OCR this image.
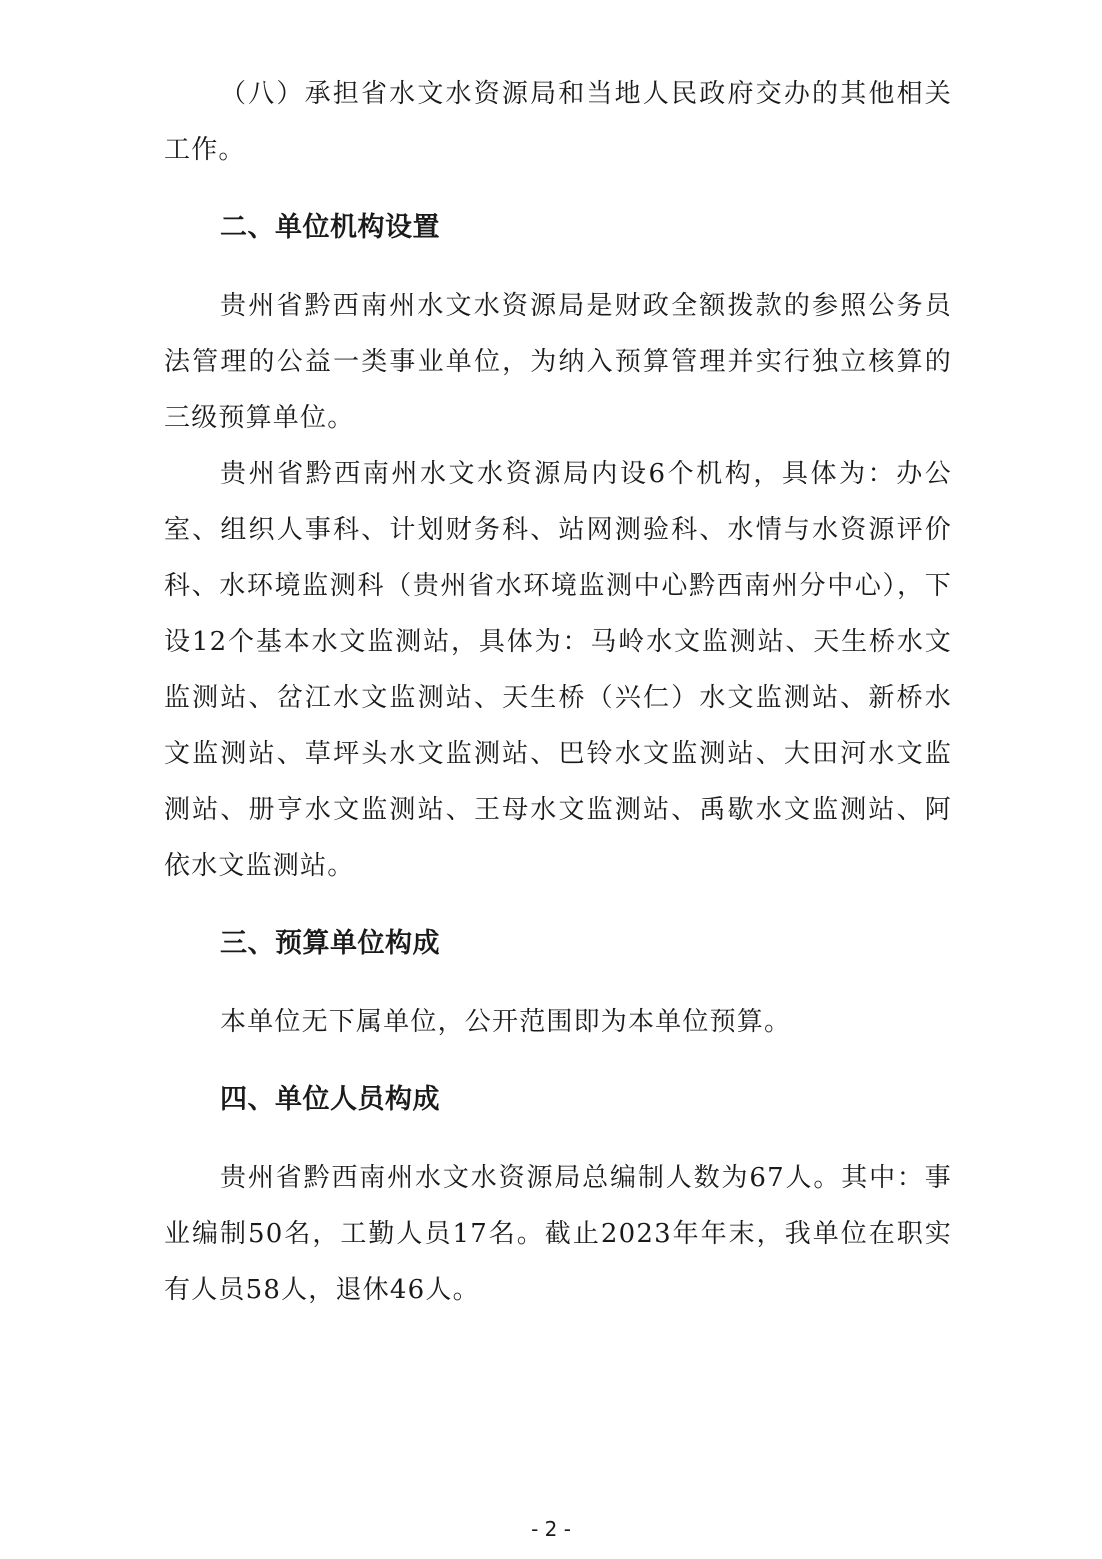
（八）承担省水文水资源局和当地人民政府交办的其他相关工作。

二、单位机构设置

贵州省黔西南州水文水资源局是财政全额拨款的参照公务员法管理的公益一类事业单位，为纳入预算管理并实行独立核算的三级预算单位。

贵州省黔西南州水文水资源局内设6个机构，具体为：办公室、组织人事科、计划财务科、站网测验科、水情与水资源评价科、水环境监测科（贵州省水环境监测中心黔西南州分中心），下设12个基本水文监测站，具体为：马岭水文监测站、天生桥水文监测站、岔江水文监测站、天生桥（兴仁）水文监测站、新桥水文监测站、草坪头水文监测站、巴铃水文监测站、大田河水文监测站、册亨水文监测站、王母水文监测站、禹歇水文监测站、阿依水文监测站。

三、预算单位构成

本单位无下属单位，公开范围即为本单位预算。

四、单位人员构成

贵州省黔西南州水文水资源局总编制人数为67人。其中：事业编制50名，工勤人员17名。截止2023年年末，我单位在职实有人员58人，退休46人。

- 2 -
